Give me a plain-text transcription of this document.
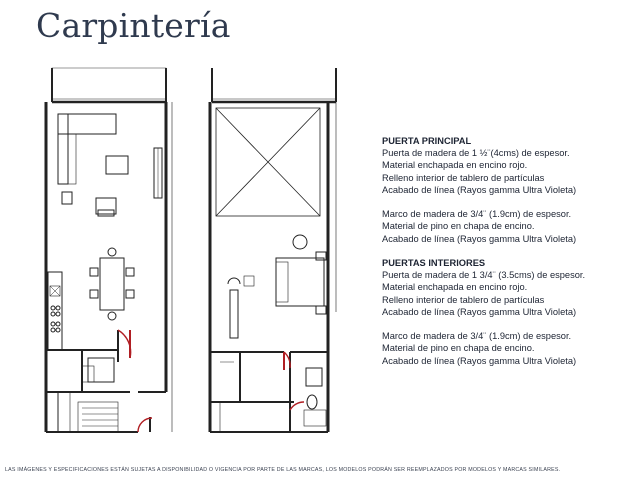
Carpintería
PUERTA PRINCIPAL
Puerta de madera de 1 ½¨(4cms) de espesor.
Material enchapada en encino rojo.
Relleno interior de tablero de partículas
Acabado de línea (Rayos gamma Ultra Violeta)
Marco de madera de 3/4¨ (1.9cm) de espesor.
Material de pino en chapa de encino.
Acabado de línea (Rayos gamma Ultra Violeta)
PUERTAS INTERIORES
Puerta de madera de 1 3/4¨ (3.5cms) de espesor.
Material enchapada en encino rojo.
Relleno interior de tablero de partículas
Acabado de línea (Rayos gamma Ultra Violeta)
Marco de madera de 3/4¨ (1.9cm) de espesor.
Material de pino en chapa de encino.
Acabado de línea (Rayos gamma Ultra Violeta)
LAS IMÁGENES Y ESPECIFICACIONES ESTÁN SUJETAS A DISPONIBILIDAD O VIGENCIA POR PARTE DE LAS MARCAS, LOS MODELOS PODRÁN SER REEMPLAZADOS POR MODELOS Y MARCAS SIMILARES.
